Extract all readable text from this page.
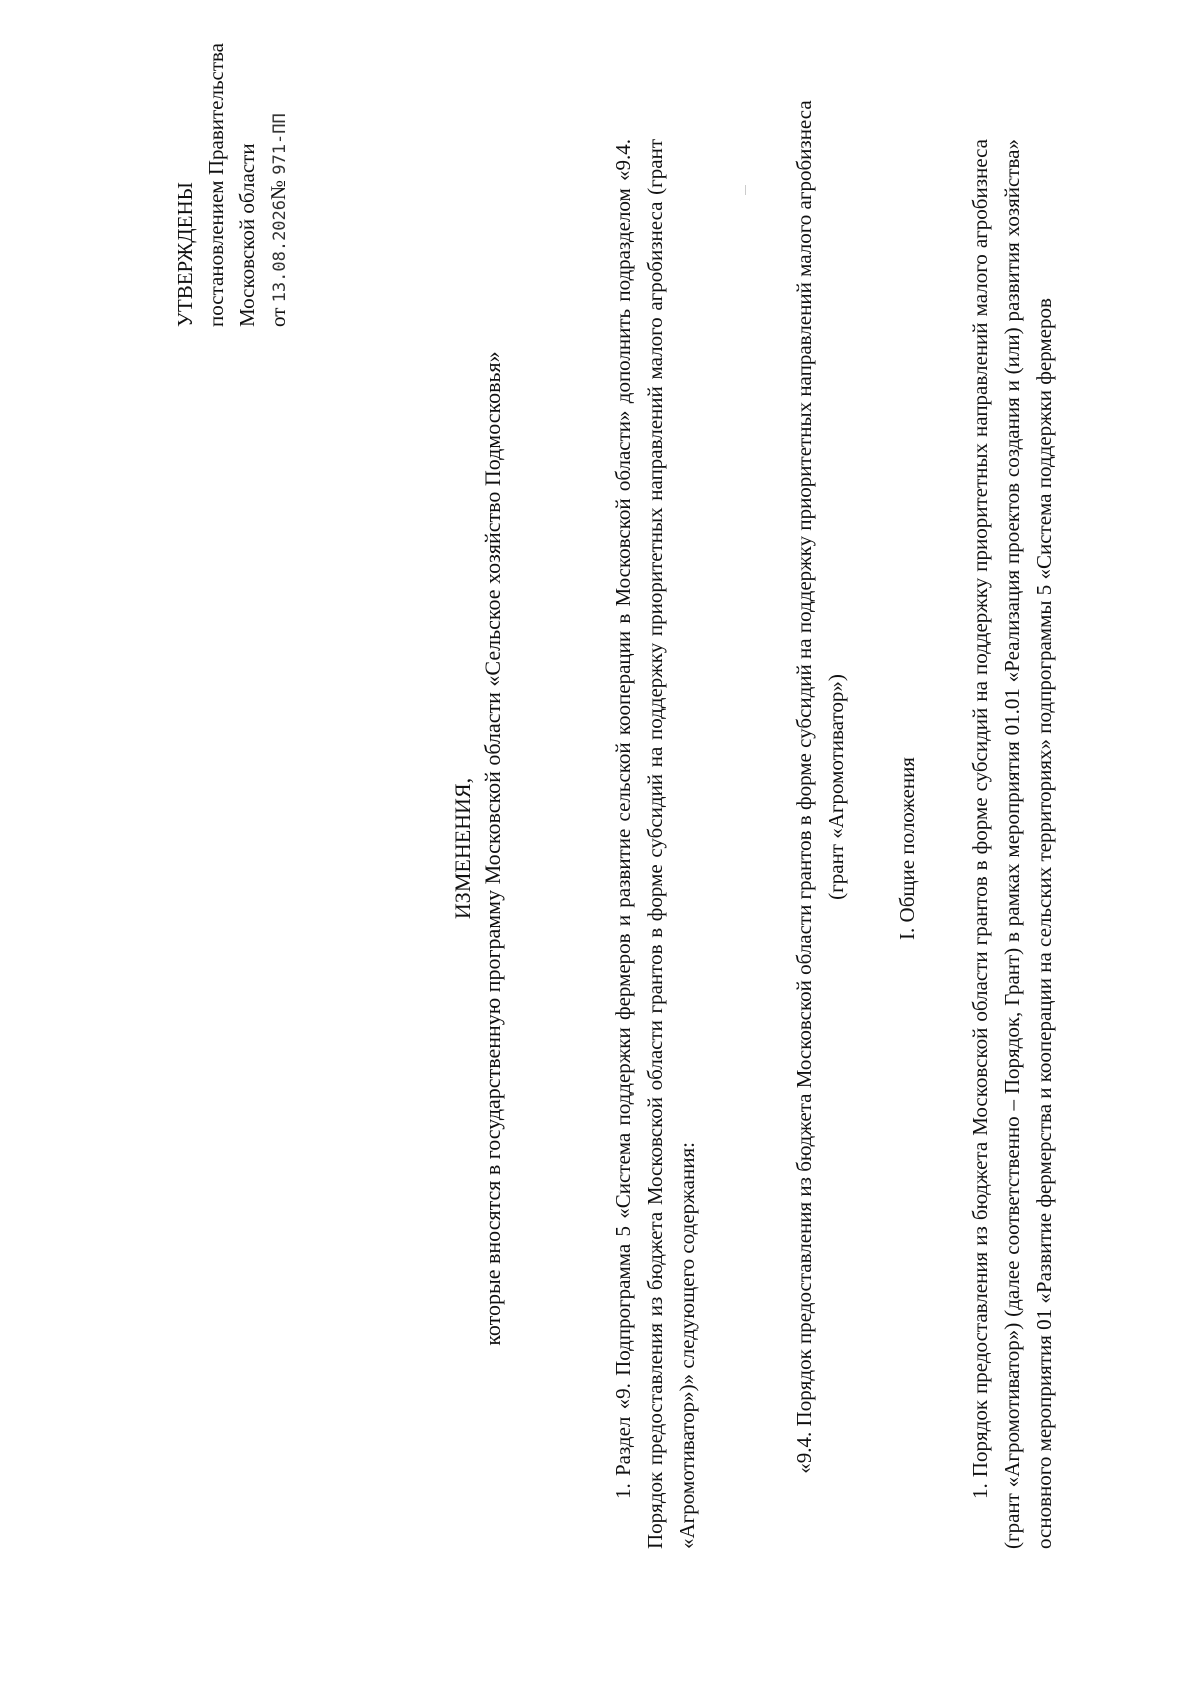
УТВЕРЖДЕНЫ постановлением Правительства Московской области от 13.08.2026№ 971-ПП
ИЗМЕНЕНИЯ, которые вносятся в государственную программу Московской области «Сельское хозяйство Подмосковья»	1. Раздел «9. Подпрограмма 5 «Система поддержки фермеров и развитие сельской кооперации в Московской области» дополнить подразделом «9.4. Порядок предоставления из бюджета Московской области грантов в форме субсидий на поддержку приоритетных направлений малого агробизнеса (грант «Агромотиватор»)» следующего содержания:	«9.4. Порядок предоставления из бюджета Московской области грантов в форме субсидий на поддержку приоритетных направлений малого агробизнеса (грант «Агромотиватор») I. Общие положения 1. Порядок предоставления из бюджета Московской области грантов в форме субсидий на поддержку приоритетных направлений малого агробизнеса (грант «Агромотиватор») (далее соответственно – Порядок, Грант) в рамках мероприятия 01.01 «Реализация проектов создания и (или) развития хозяйства» основного мероприятия 01 «Развитие фермерства и кооперации на сельских территориях» подпрограммы 5 «Система поддержки фермеров
